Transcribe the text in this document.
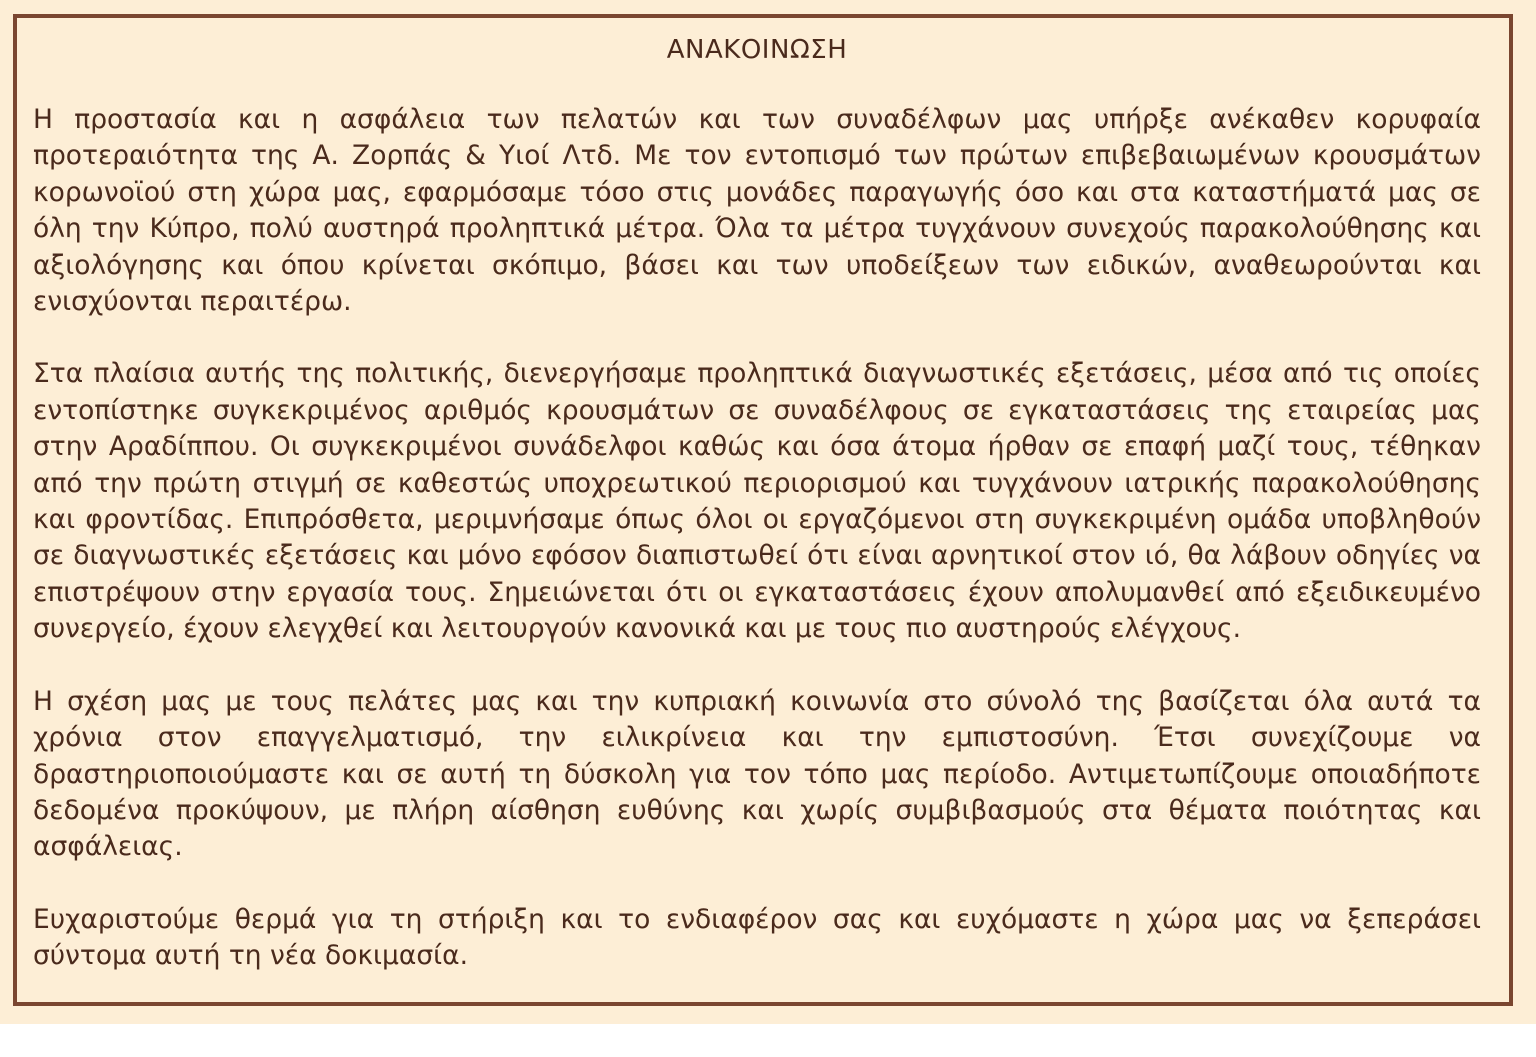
ΑΝΑΚΟΙΝΩΣΗ

Η προστασία και η ασφάλεια των πελατών και των συναδέλφων μας υπήρξε ανέκαθεν κορυφαία προτεραιότητα της Α. Ζορπάς & Υιοί Λτδ. Με τον εντοπισμό των πρώτων επιβεβαιωμένων κρουσμάτων κορωνοϊού στη χώρα μας, εφαρμόσαμε τόσο στις μονάδες παραγωγής όσο και στα καταστήματά μας σε όλη την Κύπρο, πολύ αυστηρά προληπτικά μέτρα. Όλα τα μέτρα τυγχάνουν συνεχούς παρακολούθησης και αξιολόγησης και όπου κρίνεται σκόπιμο, βάσει και των υποδείξεων των ειδικών, αναθεωρούνται και ενισχύονται περαιτέρω.

Στα πλαίσια αυτής της πολιτικής, διενεργήσαμε προληπτικά διαγνωστικές εξετάσεις, μέσα από τις οποίες εντοπίστηκε συγκεκριμένος αριθμός κρουσμάτων σε συναδέλφους σε εγκαταστάσεις της εταιρείας μας στην Αραδίππου. Οι συγκεκριμένοι συνάδελφοι καθώς και όσα άτομα ήρθαν σε επαφή μαζί τους, τέθηκαν από την πρώτη στιγμή σε καθεστώς υποχρεωτικού περιορισμού και τυγχάνουν ιατρικής παρακολούθησης και φροντίδας. Επιπρόσθετα, μεριμνήσαμε όπως όλοι οι εργαζόμενοι στη συγκεκριμένη ομάδα υποβληθούν σε διαγνωστικές εξετάσεις και μόνο εφόσον διαπιστωθεί ότι είναι αρνητικοί στον ιό, θα λάβουν οδηγίες να επιστρέψουν στην εργασία τους. Σημειώνεται ότι οι εγκαταστάσεις έχουν απολυμανθεί από εξειδικευμένο συνεργείο, έχουν ελεγχθεί και λειτουργούν κανονικά και με τους πιο αυστηρούς ελέγχους.

Η σχέση μας με τους πελάτες μας και την κυπριακή κοινωνία στο σύνολό της βασίζεται όλα αυτά τα χρόνια στον επαγγελματισμό, την ειλικρίνεια και την εμπιστοσύνη. Έτσι συνεχίζουμε να δραστηριοποιούμαστε και σε αυτή τη δύσκολη για τον τόπο μας περίοδο. Αντιμετωπίζουμε οποιαδήποτε δεδομένα προκύψουν, με πλήρη αίσθηση ευθύνης και χωρίς συμβιβασμούς στα θέματα ποιότητας και ασφάλειας.

Ευχαριστούμε θερμά για τη στήριξη και το ενδιαφέρον σας και ευχόμαστε η χώρα μας να ξεπεράσει σύντομα αυτή τη νέα δοκιμασία.
